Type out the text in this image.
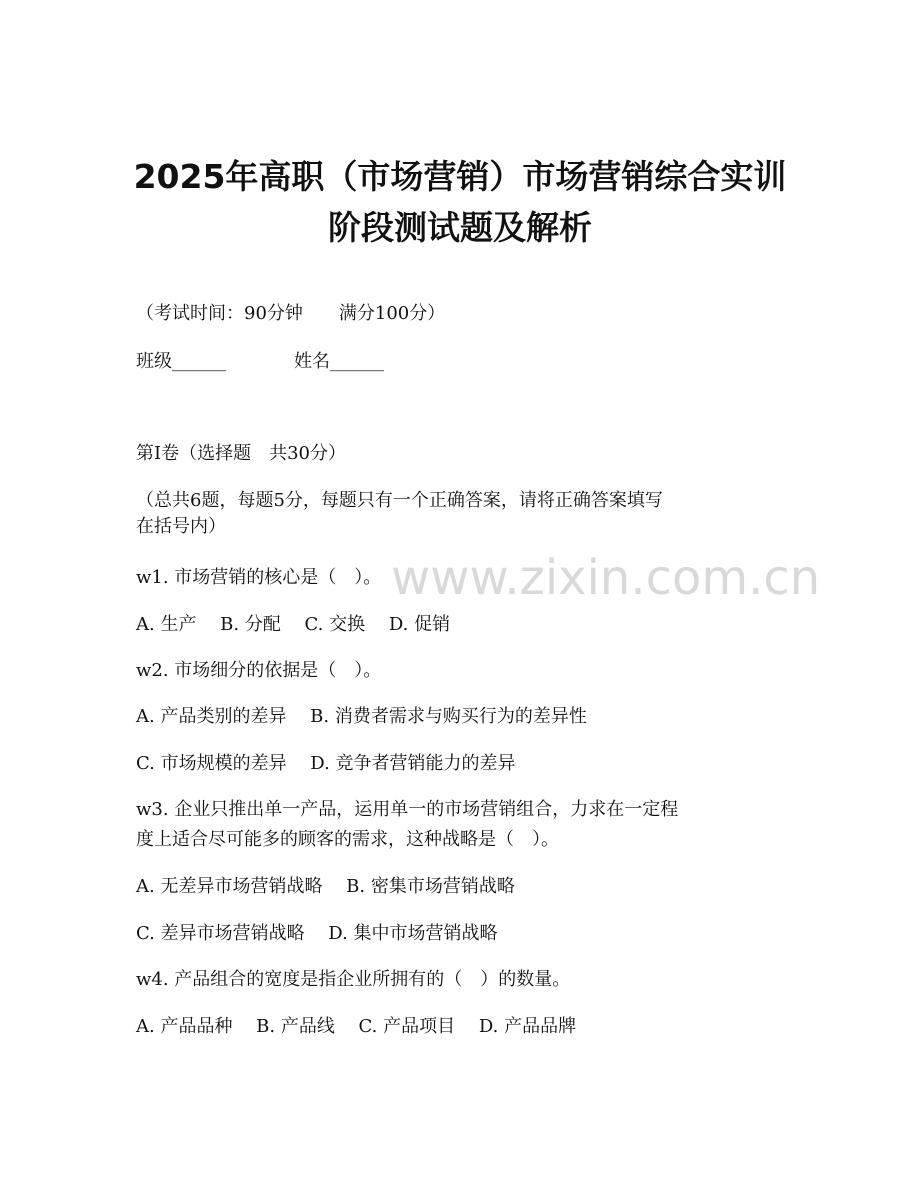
2025年高职（市场营销）市场营销综合实训
阶段测试题及解析
（考试时间：90分钟　　满分100分）
班级______	姓名______
第I卷（选择题　共30分）
（总共6题，每题5分，每题只有一个正确答案，请将正确答案填写
在括号内）
w1. 市场营销的核心是（　）。
A. 生产　 B. 分配　 C. 交换　 D. 促销
w2. 市场细分的依据是（　）。
A. 产品类别的差异　 B. 消费者需求与购买行为的差异性
C. 市场规模的差异　 D. 竞争者营销能力的差异
w3. 企业只推出单一产品，运用单一的市场营销组合，力求在一定程
度上适合尽可能多的顾客的需求，这种战略是（　）。
A. 无差异市场营销战略　 B. 密集市场营销战略
C. 差异市场营销战略　 D. 集中市场营销战略
w4. 产品组合的宽度是指企业所拥有的（　）的数量。
A. 产品品种　 B. 产品线　 C. 产品项目　 D. 产品品牌
www.zixin.com.cn
